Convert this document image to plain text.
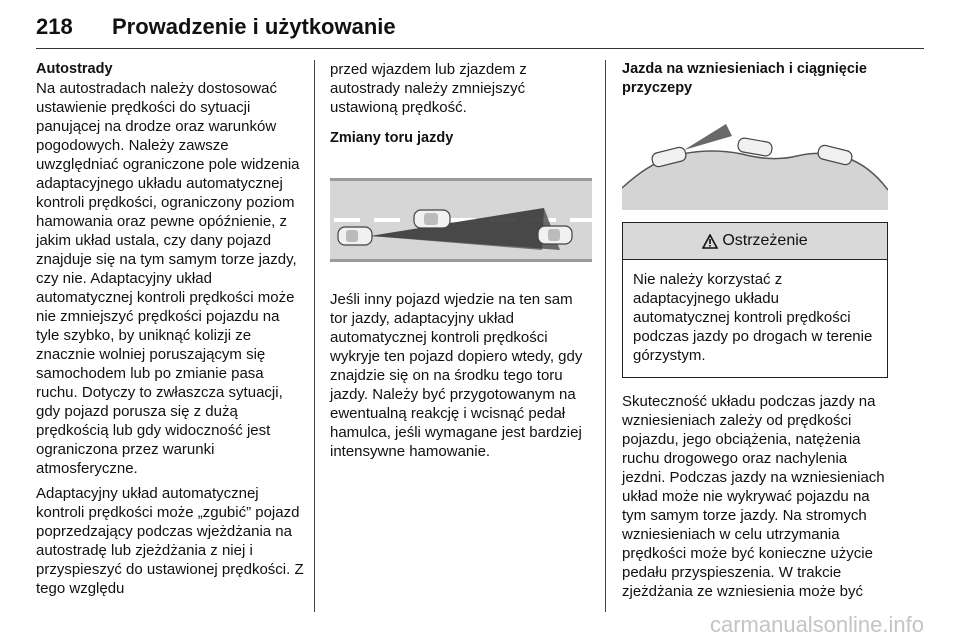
218 Prowadzenie i użytkowanie
Autostrady

Na autostradach należy dostosować ustawienie prędkości do sytuacji panującej na drodze oraz warunków pogodowych. Należy zawsze uwzględniać ograniczone pole widzenia adaptacyjnego układu automatycznej kontroli prędkości, ograniczony poziom hamowania oraz pewne opóźnienie, z jakim układ ustala, czy dany pojazd znajduje się na tym samym torze jazdy, czy nie. Adaptacyjny układ automatycznej kontroli prędkości może nie zmniejszyć prędkości pojazdu na tyle szybko, by uniknąć kolizji ze znacznie wolniej poruszającym się samochodem lub po zmianie pasa ruchu. Dotyczy to zwłaszcza sytuacji, gdy pojazd porusza się z dużą prędkością lub gdy widoczność jest ograniczona przez warunki atmosferyczne.

Adaptacyjny układ automatycznej kontroli prędkości może „zgubić” pojazd poprzedzający podczas wjeżdżania na autostradę lub zjeżdżania z niej i przyspieszyć do ustawionej prędkości. Z tego względu

przed wjazdem lub zjazdem z autostrady należy zmniejszyć ustawioną prędkość.

Zmiany toru jazdy

Jeśli inny pojazd wjedzie na ten sam tor jazdy, adaptacyjny układ automatycznej kontroli prędkości wykryje ten pojazd dopiero wtedy, gdy znajdzie się on na środku tego toru jazdy. Należy być przygotowanym na ewentualną reakcję i wcisnąć pedał hamulca, jeśli wymagane jest bardziej intensywne hamowanie.

Jazda na wzniesieniach i ciągnięcie przyczepy
Ostrzeżenie
Nie należy korzystać z adaptacyjnego układu automatycznej kontroli prędkości podczas jazdy po drogach w terenie górzystym.

Skuteczność układu podczas jazdy na wzniesieniach zależy od prędkości pojazdu, jego obciążenia, natężenia ruchu drogowego oraz nachylenia jezdni. Podczas jazdy na wzniesieniach układ może nie wykrywać pojazdu na tym samym torze jazdy. Na stromych wzniesieniach w celu utrzymania prędkości może być konieczne użycie pedału przyspieszenia. W trakcie zjeżdżania ze wzniesienia może być

carmanualsonline.info
